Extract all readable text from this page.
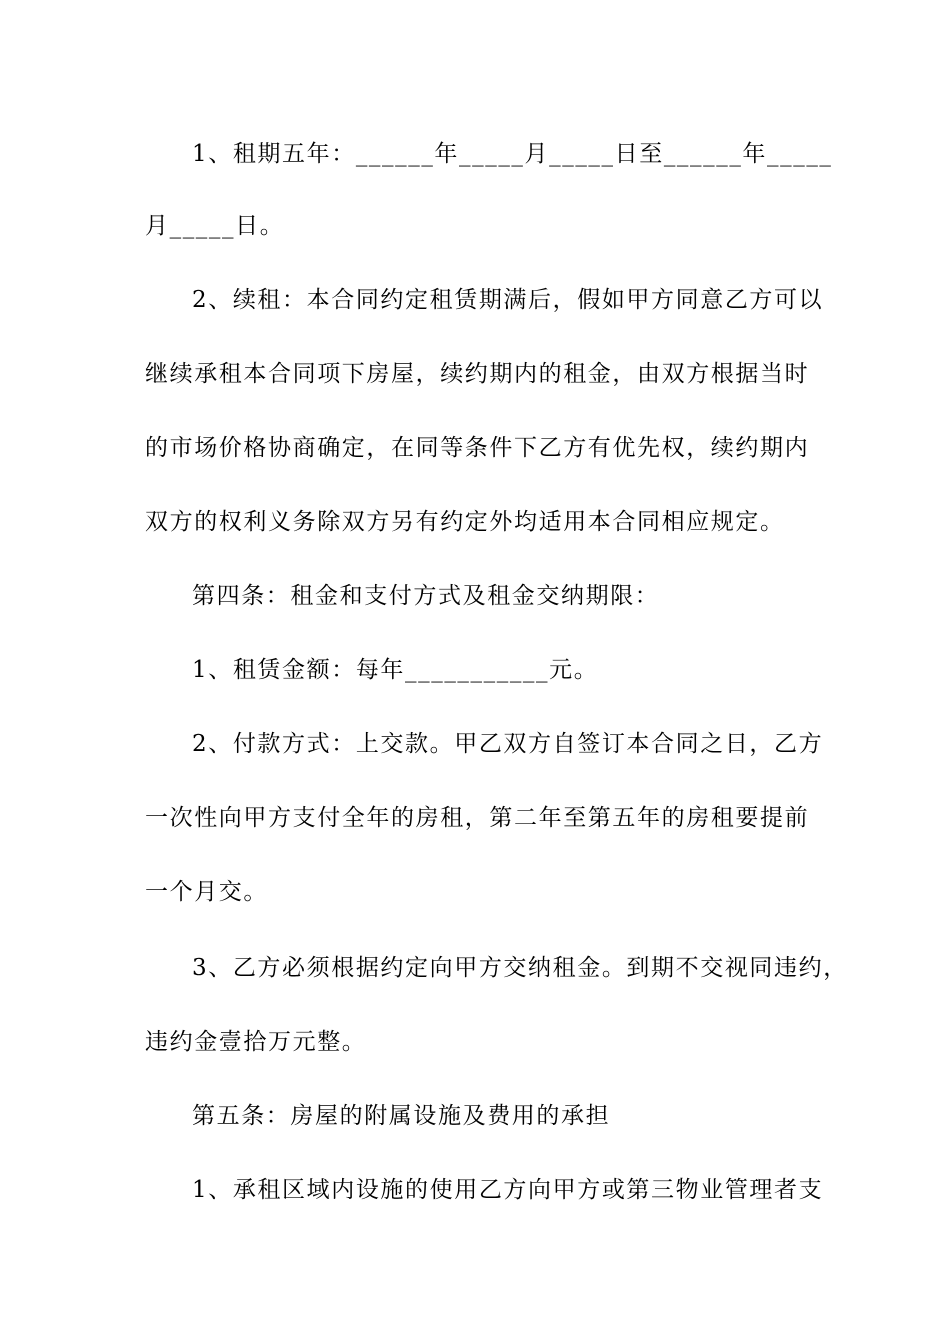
1、租期五年：______年_____月_____日至______年_____
月_____日。
2、续租：本合同约定租赁期满后，假如甲方同意乙方可以
继续承租本合同项下房屋，续约期内的租金，由双方根据当时
的市场价格协商确定，在同等条件下乙方有优先权，续约期内
双方的权利义务除双方另有约定外均适用本合同相应规定。
第四条：租金和支付方式及租金交纳期限：
1、租赁金额：每年___________元。
2、付款方式：上交款。甲乙双方自签订本合同之日，乙方
一次性向甲方支付全年的房租，第二年至第五年的房租要提前
一个月交。
3、乙方必须根据约定向甲方交纳租金。到期不交视同违约，
违约金壹拾万元整。
第五条：房屋的附属设施及费用的承担
1、承租区域内设施的使用乙方向甲方或第三物业管理者支
